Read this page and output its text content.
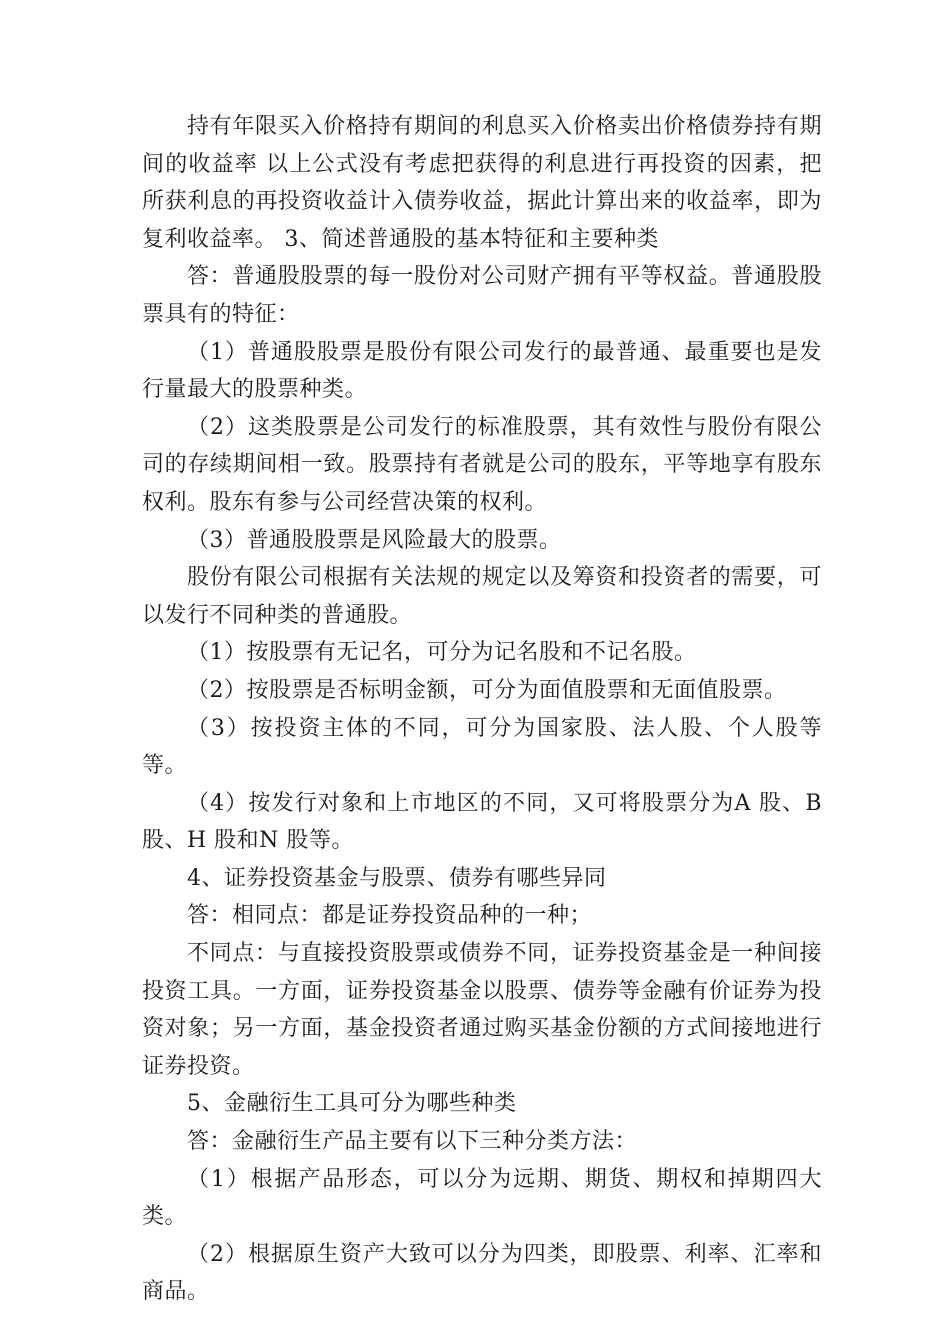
持有年限买入价格持有期间的利息买入价格卖出价格债券持有期间的收益率 以上公式没有考虑把获得的利息进行再投资的因素，把所获利息的再投资收益计入债券收益，据此计算出来的收益率，即为复利收益率。 3、简述普通股的基本特征和主要种类

答：普通股股票的每一股份对公司财产拥有平等权益。普通股股票具有的特征：

（1）普通股股票是股份有限公司发行的最普通、最重要也是发行量最大的股票种类。

（2）这类股票是公司发行的标准股票，其有效性与股份有限公司的存续期间相一致。股票持有者就是公司的股东，平等地享有股东权利。股东有参与公司经营决策的权利。

（3）普通股股票是风险最大的股票。

股份有限公司根据有关法规的规定以及筹资和投资者的需要，可以发行不同种类的普通股。

（1）按股票有无记名，可分为记名股和不记名股。

（2）按股票是否标明金额，可分为面值股票和无面值股票。

（3）按投资主体的不同，可分为国家股、法人股、个人股等等。

（4）按发行对象和上市地区的不同，又可将股票分为A 股、B 股、H 股和N 股等。

4、证券投资基金与股票、债券有哪些异同

答：相同点：都是证券投资品种的一种；

不同点：与直接投资股票或债券不同，证券投资基金是一种间接投资工具。一方面，证券投资基金以股票、债券等金融有价证券为投资对象；另一方面，基金投资者通过购买基金份额的方式间接地进行证券投资。

5、金融衍生工具可分为哪些种类

答：金融衍生产品主要有以下三种分类方法：

（1）根据产品形态，可以分为远期、期货、期权和掉期四大类。

（2）根据原生资产大致可以分为四类，即股票、利率、汇率和商品。
